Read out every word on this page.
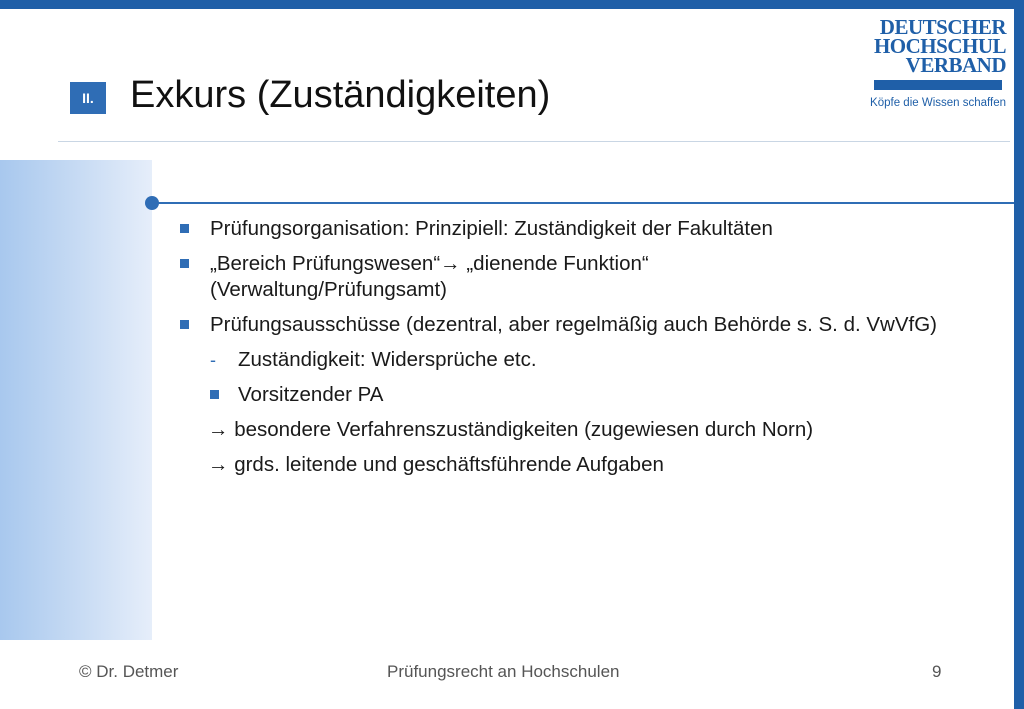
II. Exkurs (Zuständigkeiten)
DEUTSCHER
HOCHSCHUL
VERBAND
Köpfe die Wissen schaffen
Prüfungsorganisation: Prinzipiell: Zuständigkeit der Fakultäten
„Bereich Prüfungswesen“→ „dienende Funktion“ (Verwaltung/Prüfungsamt)
Prüfungsausschüsse (dezentral, aber regelmäßig auch Behörde s. S. d. VwVfG)
- Zuständigkeit: Widersprüche etc.
Vorsitzender PA
→ besondere Verfahrenszuständigkeiten (zugewiesen durch Norn)
→ grds. leitende und geschäftsführende Aufgaben
© Dr. Detmer	Prüfungsrecht an Hochschulen	9
